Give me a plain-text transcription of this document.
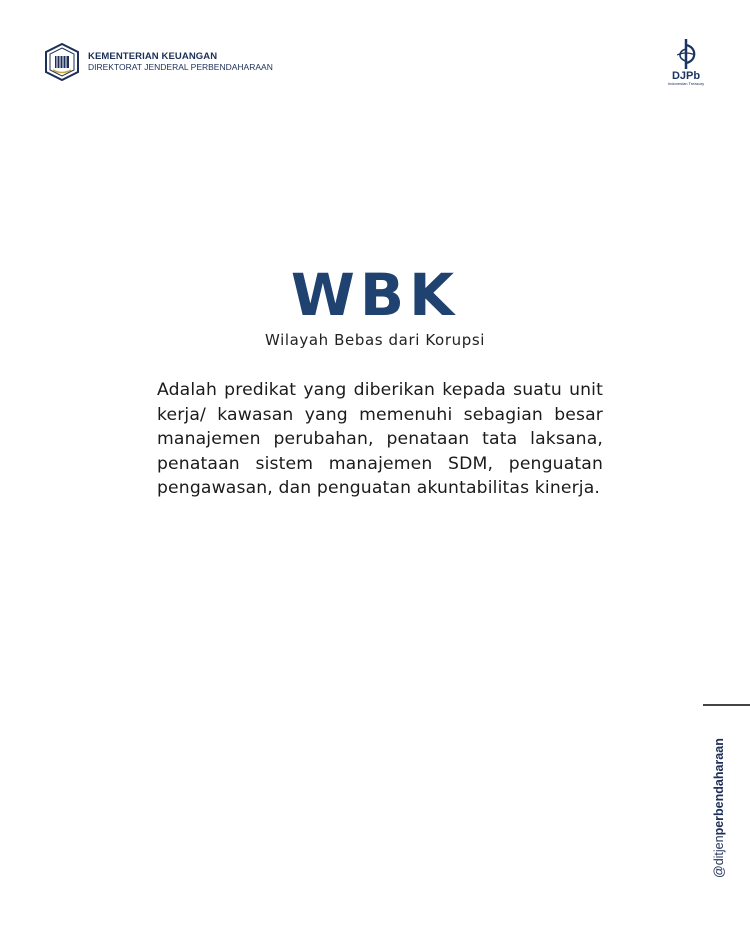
KEMENTERIAN KEUANGAN
DIREKTORAT JENDERAL PERBENDAHARAAN
DJPb
Indonesian Treasury
WBK
Wilayah Bebas dari Korupsi
Adalah predikat yang diberikan kepada suatu unit kerja/ kawasan yang memenuhi sebagian besar manajemen perubahan, penataan tata laksana, penataan sistem manajemen SDM, penguatan pengawasan, dan penguatan akuntabilitas kinerja.
@ditjenperbendaharaan
